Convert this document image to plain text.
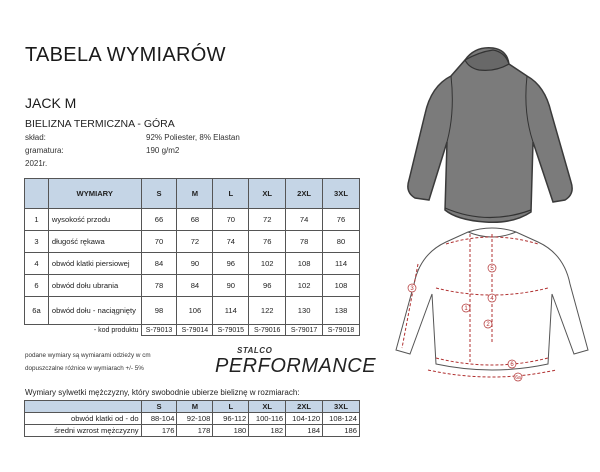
TABELA WYMIARÓW
JACK M
BIELIZNA TERMICZNA - GÓRA
skład:	92% Poliester, 8% Elastan
gramatura:	190 g/m2
2021r.
	WYMIARY	S	M	L	XL	2XL	3XL
1	wysokość przodu	66	68	70	72	74	76
3	długość rękawa	70	72	74	76	78	80
4	obwód klatki piersiowej	84	90	96	102	108	114
6	obwód dołu ubrania	78	84	90	96	102	108
6a	obwód dołu - naciągnięty	98	106	114	122	130	138
	- kod produktu	S-79013	S-79014	S-79015	S-79016	S-79017	S-79018
podane wymiary są wymiarami odzieży w cm
dopuszczalne różnice w wymiarach +/- 5%
STALCO
PERFORMANCE
Wymiary sylwetki mężczyzny, który swobodnie ubierze bieliznę w rozmiarach:
	S	M	L	XL	2XL	3XL
obwód klatki od - do	88-104	92-108	96-112	100-116	104-120	108-124
średni wzrost mężczyzny	176	178	180	182	184	186
3
1
2
4
5
6
6a
